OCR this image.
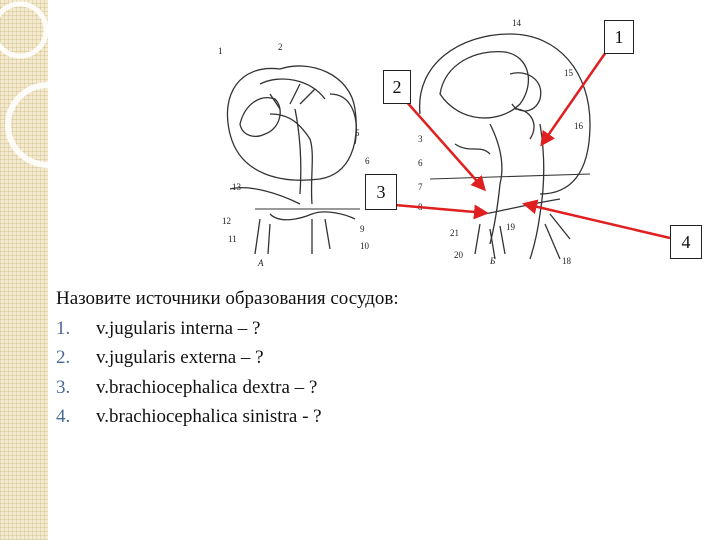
1	2
5
6
13
12
11
9
10
А
14
15
16
3
6
7
8
21
20
19
18
Б
1
2
3
4

Назовите источники образования сосудов:

1.	v.jugularis interna – ?
2.	v.jugularis externa – ?
3.	v.brachiocephalica dextra – ?
4.	v.brachiocephalica sinistra - ?
